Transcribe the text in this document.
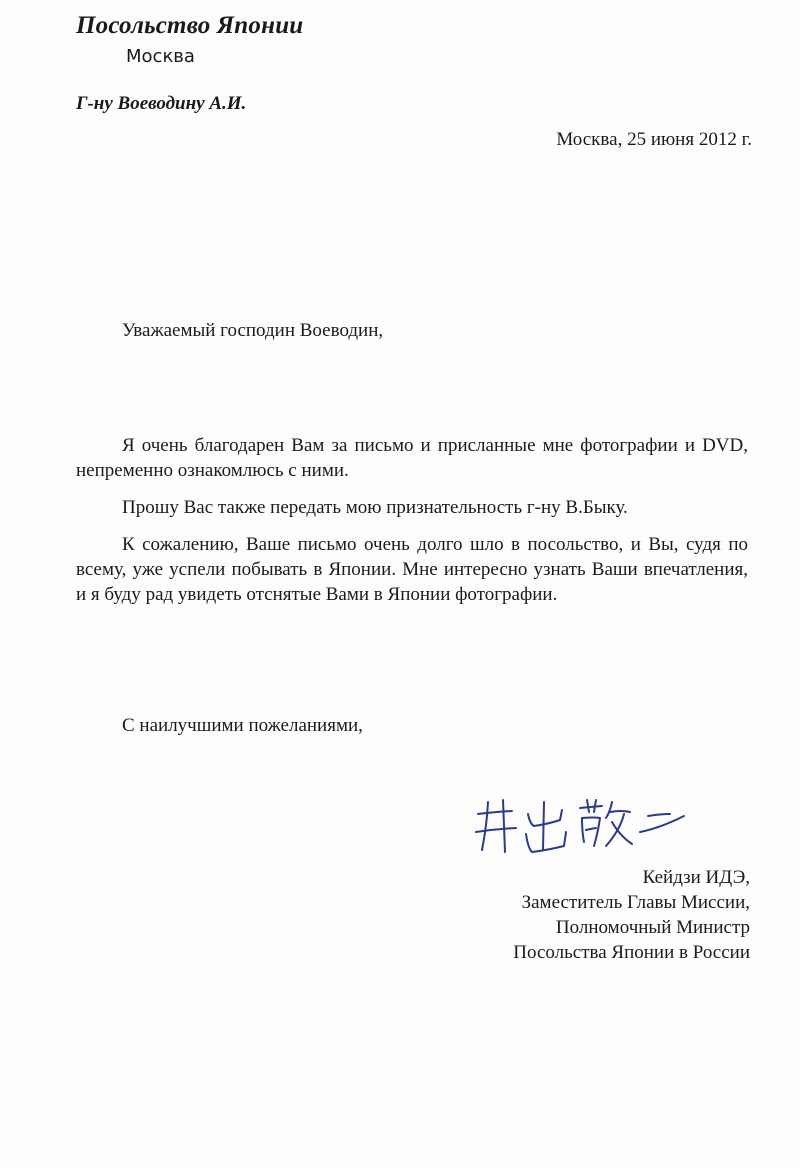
Посольство Японии
Москва
Г-ну Воеводину А.И.
Москва, 25 июня 2012 г.
Уважаемый господин Воеводин,

Я очень благодарен Вам за письмо и присланные мне фотографии и DVD, непременно ознакомлюсь с ними.

Прошу Вас также передать мою признательность г-ну В.Быку.

К сожалению, Ваше письмо очень долго шло в посольство, и Вы, судя по всему, уже успели побывать в Японии. Мне интересно узнать Ваши впечатления, и я буду рад увидеть отснятые Вами в Японии фотографии.

С наилучшими пожеланиями,
Кейдзи ИДЭ,
Заместитель Главы Миссии,
Полномочный Министр
Посольства Японии в России
